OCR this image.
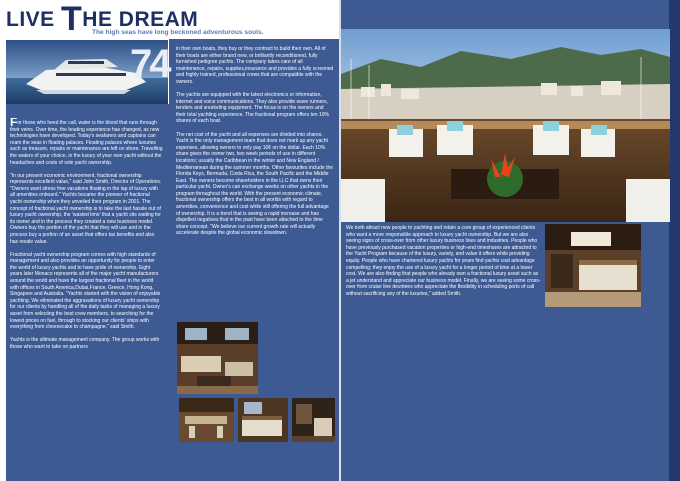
LIVE THE DREAM
The high seas have long beckoned adventurous souls.
74

For those who heed the call, water is the blood that runs through their veins. Over time, the boating experience has changed, as new technologies have developed. Today's seafarers and captains can roam the seas in floating palaces. Floating palaces where luxuries such as treasure, repairs or maintenance are left on shore. Travelling the waters of your choice, in the luxury of your own yacht without the headaches and costs of sole yacht ownership.

"In our present economic environment, fractional ownership represents excellent value," said John Smith, Director of Operations. "Owners want stress free vacations floating in the lap of luxury with all amenities onboard." Yachts became the pioneer of fractional yacht ownership when they unveiled their program in 2001. The concept of fractional yacht ownership is to take the last hassle out of luxury yacht ownership, the 'wasted time' that a yacht sits waiting for its owner and in the process they created a new business model. Owners buy the portion of the yacht that they will use and in the process buy a portion of an asset that offers tax benefits and also has resale value.

Fractional yacht ownership program comes with high standards of management and also provides an opportunity for people to enter the world of luxury yachts and to have pride of ownership. Eight years later Monaco represents all of the major yacht manufacturers around the world and have the largest fractional fleet in the world with offices in South America,Dubai,France, Greece, Hong Kong, Singapore and Australia. "Yachts started with the vision of enjoyable yachting. We eliminated the aggravations of luxury yacht ownership for our clients by handling all of the daily tasks of managing a luxury asset from selecting the best crew members, to searching for the lowest prices on fuel, through to stocking our clients' ships with everything from cheesecake to champagne," said Smith.

Yachts is the ultimate management company. The group works with those who want to take on partners

in their own boats, they buy or they contract to build their own. All of their boats are either brand new, or brilliantly reconditioned, fully furnished pedigree yachts. The company takes care of all maintenance, repairs, supplies,insurance and provides a fully screened and highly trained, professional crews that are compatible with the owners.

The yachts are equipped with the latest electronics or information, internet and voice communications. They also provide wave runners, tenders and snorkeling equipment. The focus is on the owners and their total yachting experience. The fractional program offers ten 10% shares of each boat.

The net cost of the yacht and all expenses are divided into shares. Yacht is the only management team that does not mark up any yacht expenses, allowing owners to only pay 10¢ on the dollar. Each 10% share gives the owner two, two week periods of use in different locations; usually the Caribbean in the winter and New England / Mediterranean during the summer months. Other favourites include the Florida Keys, Bermuda, Costa Rica, the South Pacific and the Middle East. The owners become shareholders in the LLC that owns their particular yacht. Owner's can exchange weeks on other yachts in the program throughout the world. With the present economic climate, fractional ownership offers the best in all worlds with regard to amenities, convenience and cost while still offering the full advantage of ownership. It is a trend that is seeing a rapid increase and has dispelled negatives that in the past have been attached to the time share concept. "We believe our current growth rate will actually accelerate despite the global economic slowdown.

We both attract new people to yachting and retain a core group of experienced clients who want a more responsible approach to luxury yacht ownership. But we are also seeing signs of cross-over from other luxury business lines and industries. People who have previously purchased vacation properties or high-end timeshares are attracted to the Yacht Program because of the luxury, variety, and value it offers while providing equity. People who have chartered luxury yachts for years find yachts cost advantage compelling; they enjoy the use of a luxury yacht for a longer period of time at a lower cost. We are also finding that people who already own a fractional luxury asset such as a jet understand and appreciate our business model. Finally, we are seeing some cross-over from cruise line devotees who appreciate the flexibility in scheduling ports of call without sacrificing any of the luxuries," added Smith.
